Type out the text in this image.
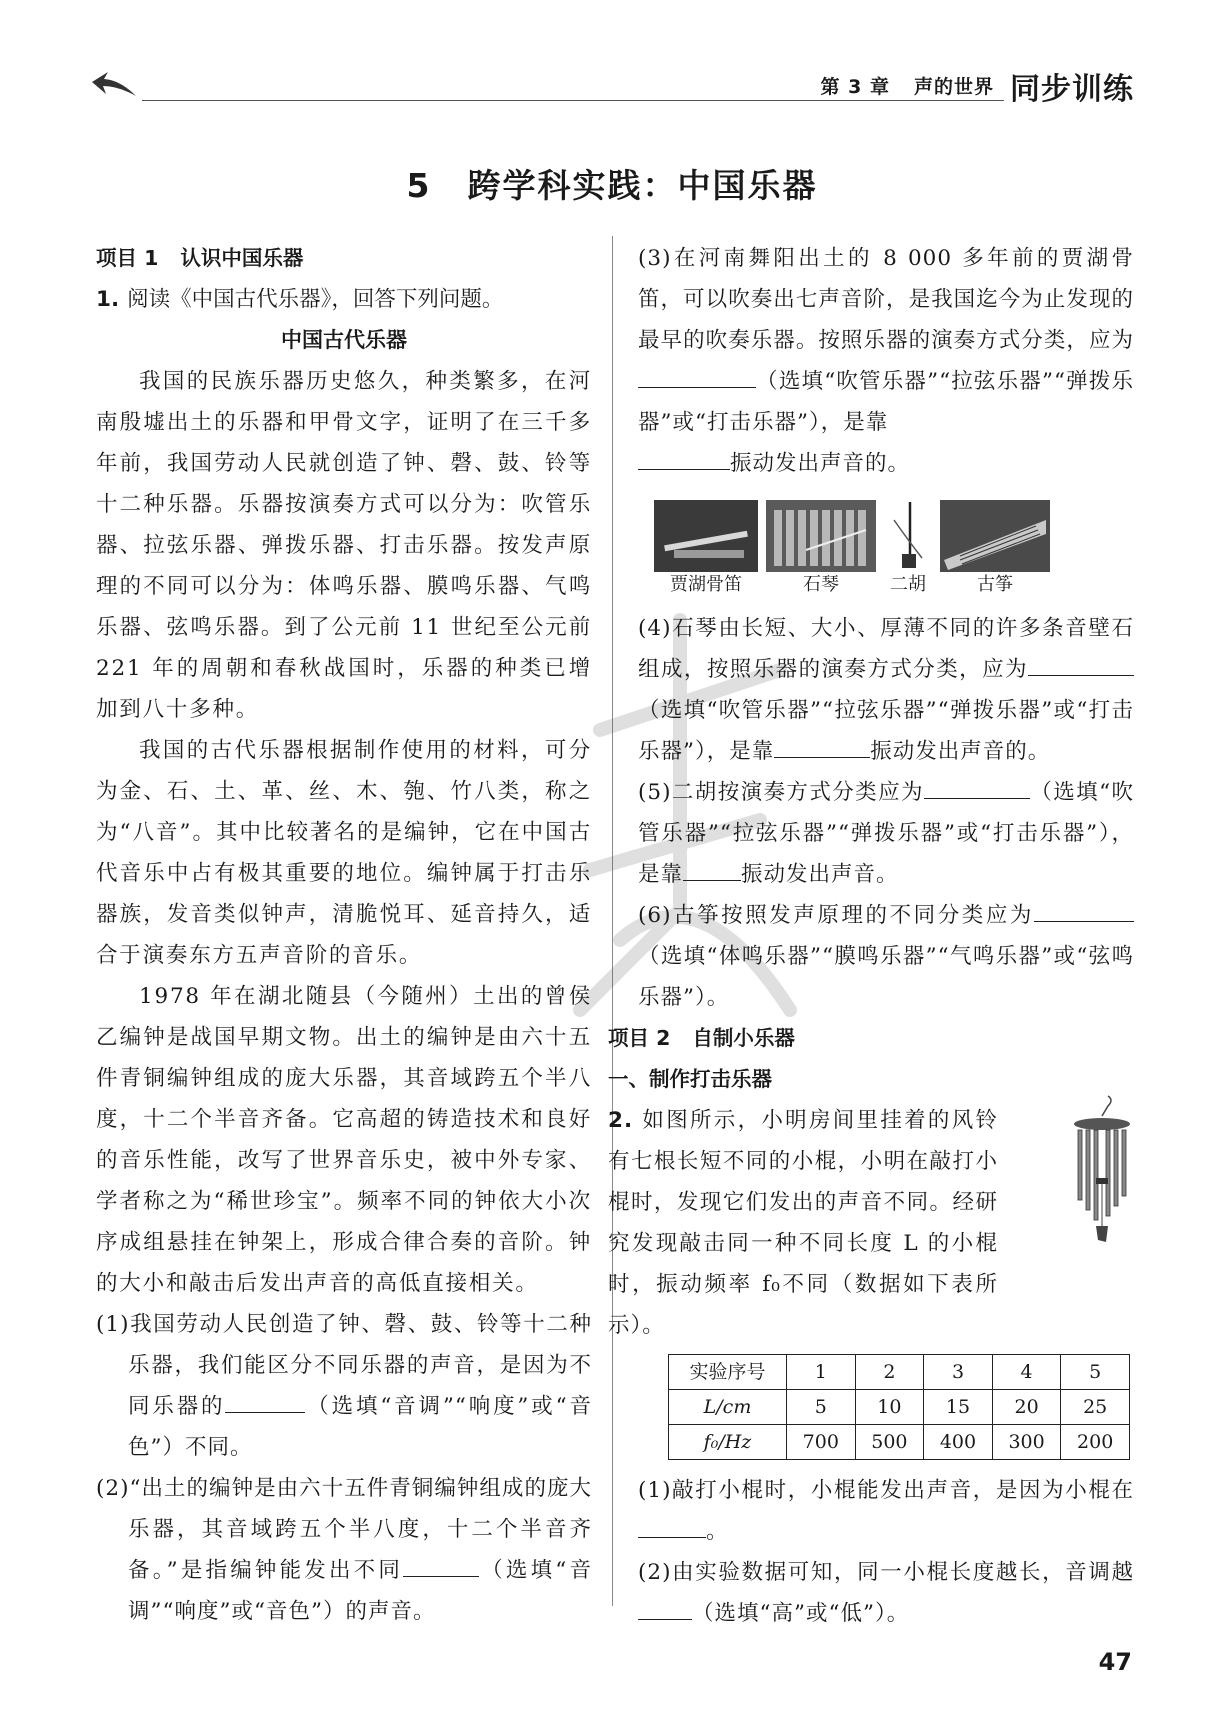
第 3 章 声的世界 同步训练
5 跨学科实践：中国乐器
项目 1 认识中国乐器
1. 阅读《中国古代乐器》，回答下列问题。
中国古代乐器
我国的民族乐器历史悠久，种类繁多，在河南殷墟出土的乐器和甲骨文字，证明了在三千多年前，我国劳动人民就创造了钟、磬、鼓、铃等十二种乐器。乐器按演奏方式可以分为：吹管乐器、拉弦乐器、弹拨乐器、打击乐器。按发声原理的不同可以分为：体鸣乐器、膜鸣乐器、气鸣乐器、弦鸣乐器。到了公元前 11 世纪至公元前 221 年的周朝和春秋战国时，乐器的种类已增加到八十多种。
我国的古代乐器根据制作使用的材料，可分为金、石、土、革、丝、木、匏、竹八类，称之为“八音”。其中比较著名的是编钟，它在中国古代音乐中占有极其重要的地位。编钟属于打击乐器族，发音类似钟声，清脆悦耳、延音持久，适合于演奏东方五声音阶的音乐。
1978 年在湖北随县（今随州）土出的曾侯乙编钟是战国早期文物。出土的编钟是由六十五件青铜编钟组成的庞大乐器，其音域跨五个半八度，十二个半音齐备。它高超的铸造技术和良好的音乐性能，改写了世界音乐史，被中外专家、学者称之为“稀世珍宝”。频率不同的钟依大小次序成组悬挂在钟架上，形成合律合奏的音阶。钟的大小和敲击后发出声音的高低直接相关。
(1)我国劳动人民创造了钟、磬、鼓、铃等十二种乐器，我们能区分不同乐器的声音，是因为不同乐器的	（选填“音调”“响度”或“音色”）不同。
(2)“出土的编钟是由六十五件青铜编钟组成的庞大乐器，其音域跨五个半八度，十二个半音齐备。”是指编钟能发出不同	（选填“音调”“响度”或“音色”）的声音。
(3)在河南舞阳出土的 8 000 多年前的贾湖骨笛，可以吹奏出七声音阶，是我国迄今为止发现的最早的吹奏乐器。按照乐器的演奏方式分类，应为（选填“吹管乐器”“拉弦乐器”“弹拨乐器”或“打击乐器”），是靠
振动发出声音的。
贾湖骨笛	石琴	二胡	古筝
(4)石琴由长短、大小、厚薄不同的许多条音壁石组成，按照乐器的演奏方式分类，应为（选填“吹管乐器”“拉弦乐器”“弹拨乐器”或“打击乐器”），是靠	振动发出声音的。
(5)二胡按演奏方式分类应为	（选填“吹管乐器”“拉弦乐器”“弹拨乐器”或“打击乐器”），是靠	振动发出声音。
(6)古筝按照发声原理的不同分类应为（选填“体鸣乐器”“膜鸣乐器”“气鸣乐器”或“弦鸣乐器”）。
项目 2 自制小乐器
一、制作打击乐器
2. 如图所示，小明房间里挂着的风铃有七根长短不同的小棍，小明在敲打小棍时，发现它们发出的声音不同。经研究发现敲击同一种不同长度 L 的小棍时，振动频率 f₀不同（数据如下表所示）。
实验序号	1	2	3	4	5
L/cm	5	10	15	20	25
f₀/Hz	700	500	400	300	200
(1)敲打小棍时，小棍能发出声音，是因为小棍在。
(2)由实验数据可知，同一小棍长度越长，音调越（选填“高”或“低”）。
47
